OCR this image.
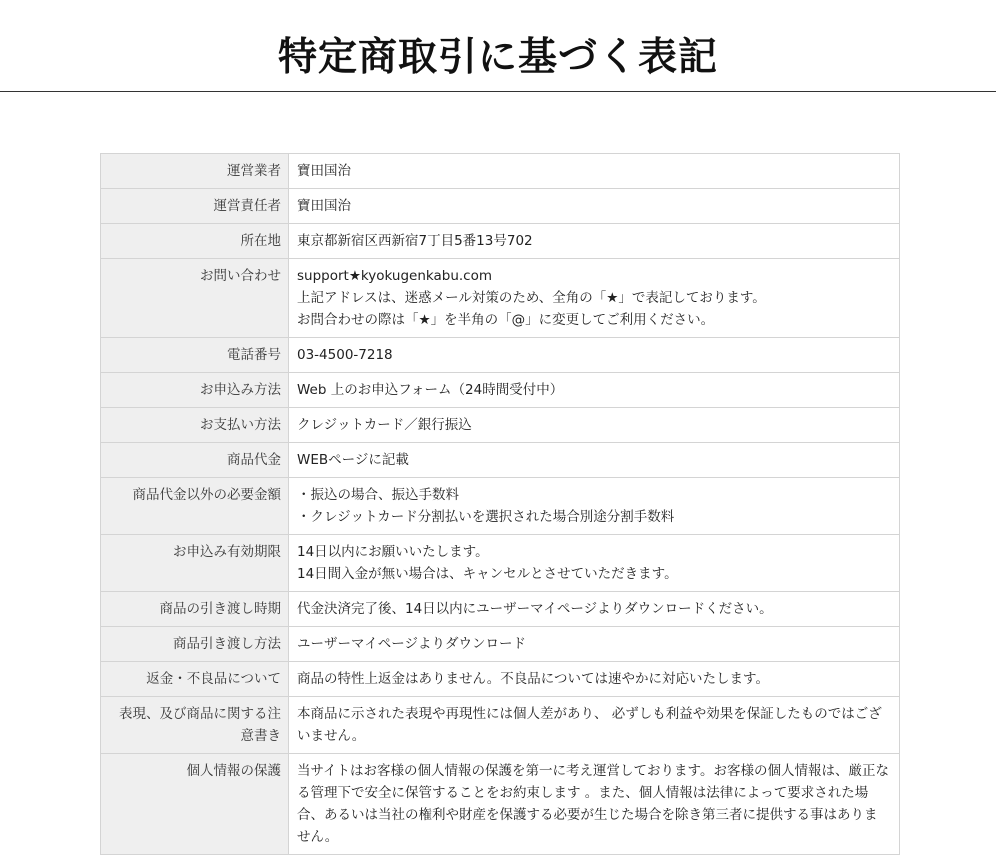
特定商取引に基づく表記
運営業者	寶田国治

運営責任者	寶田国治

所在地	東京都新宿区西新宿7丁目5番13号702

お問い合わせ	support★kyokugenkabu.com
上記アドレスは、迷惑メール対策のため、全角の「★」で表記しております。
お問合わせの際は「★」を半角の「@」に変更してご利用ください。

電話番号	03-4500-7218

お申込み方法	Web 上のお申込フォーム（24時間受付中）

お支払い方法	クレジットカード／銀行振込

商品代金	WEBページに記載

商品代金以外の必要金額	・振込の場合、振込手数料
・クレジットカード分割払いを選択された場合別途分割手数料

お申込み有効期限	14日以内にお願いいたします。
14日間入金が無い場合は、キャンセルとさせていただきます。

商品の引き渡し時期	代金決済完了後、14日以内にユーザーマイページよりダウンロードください。

商品引き渡し方法	ユーザーマイページよりダウンロード

返金・不良品について	商品の特性上返金はありません。不良品については速やかに対応いたします。

表現、及び商品に関する注意書き	本商品に示された表現や再現性には個人差があり、 必ずしも利益や効果を保証したものではございません。

個人情報の保護	当サイトはお客様の個人情報の保護を第一に考え運営しております。お客様の個人情報は、厳正なる管理下で安全に保管することをお約束します 。また、個人情報は法律によって要求された場合、あるいは当社の権利や財産を保護する必要が生じた場合を除き第三者に提供する事はありません。
